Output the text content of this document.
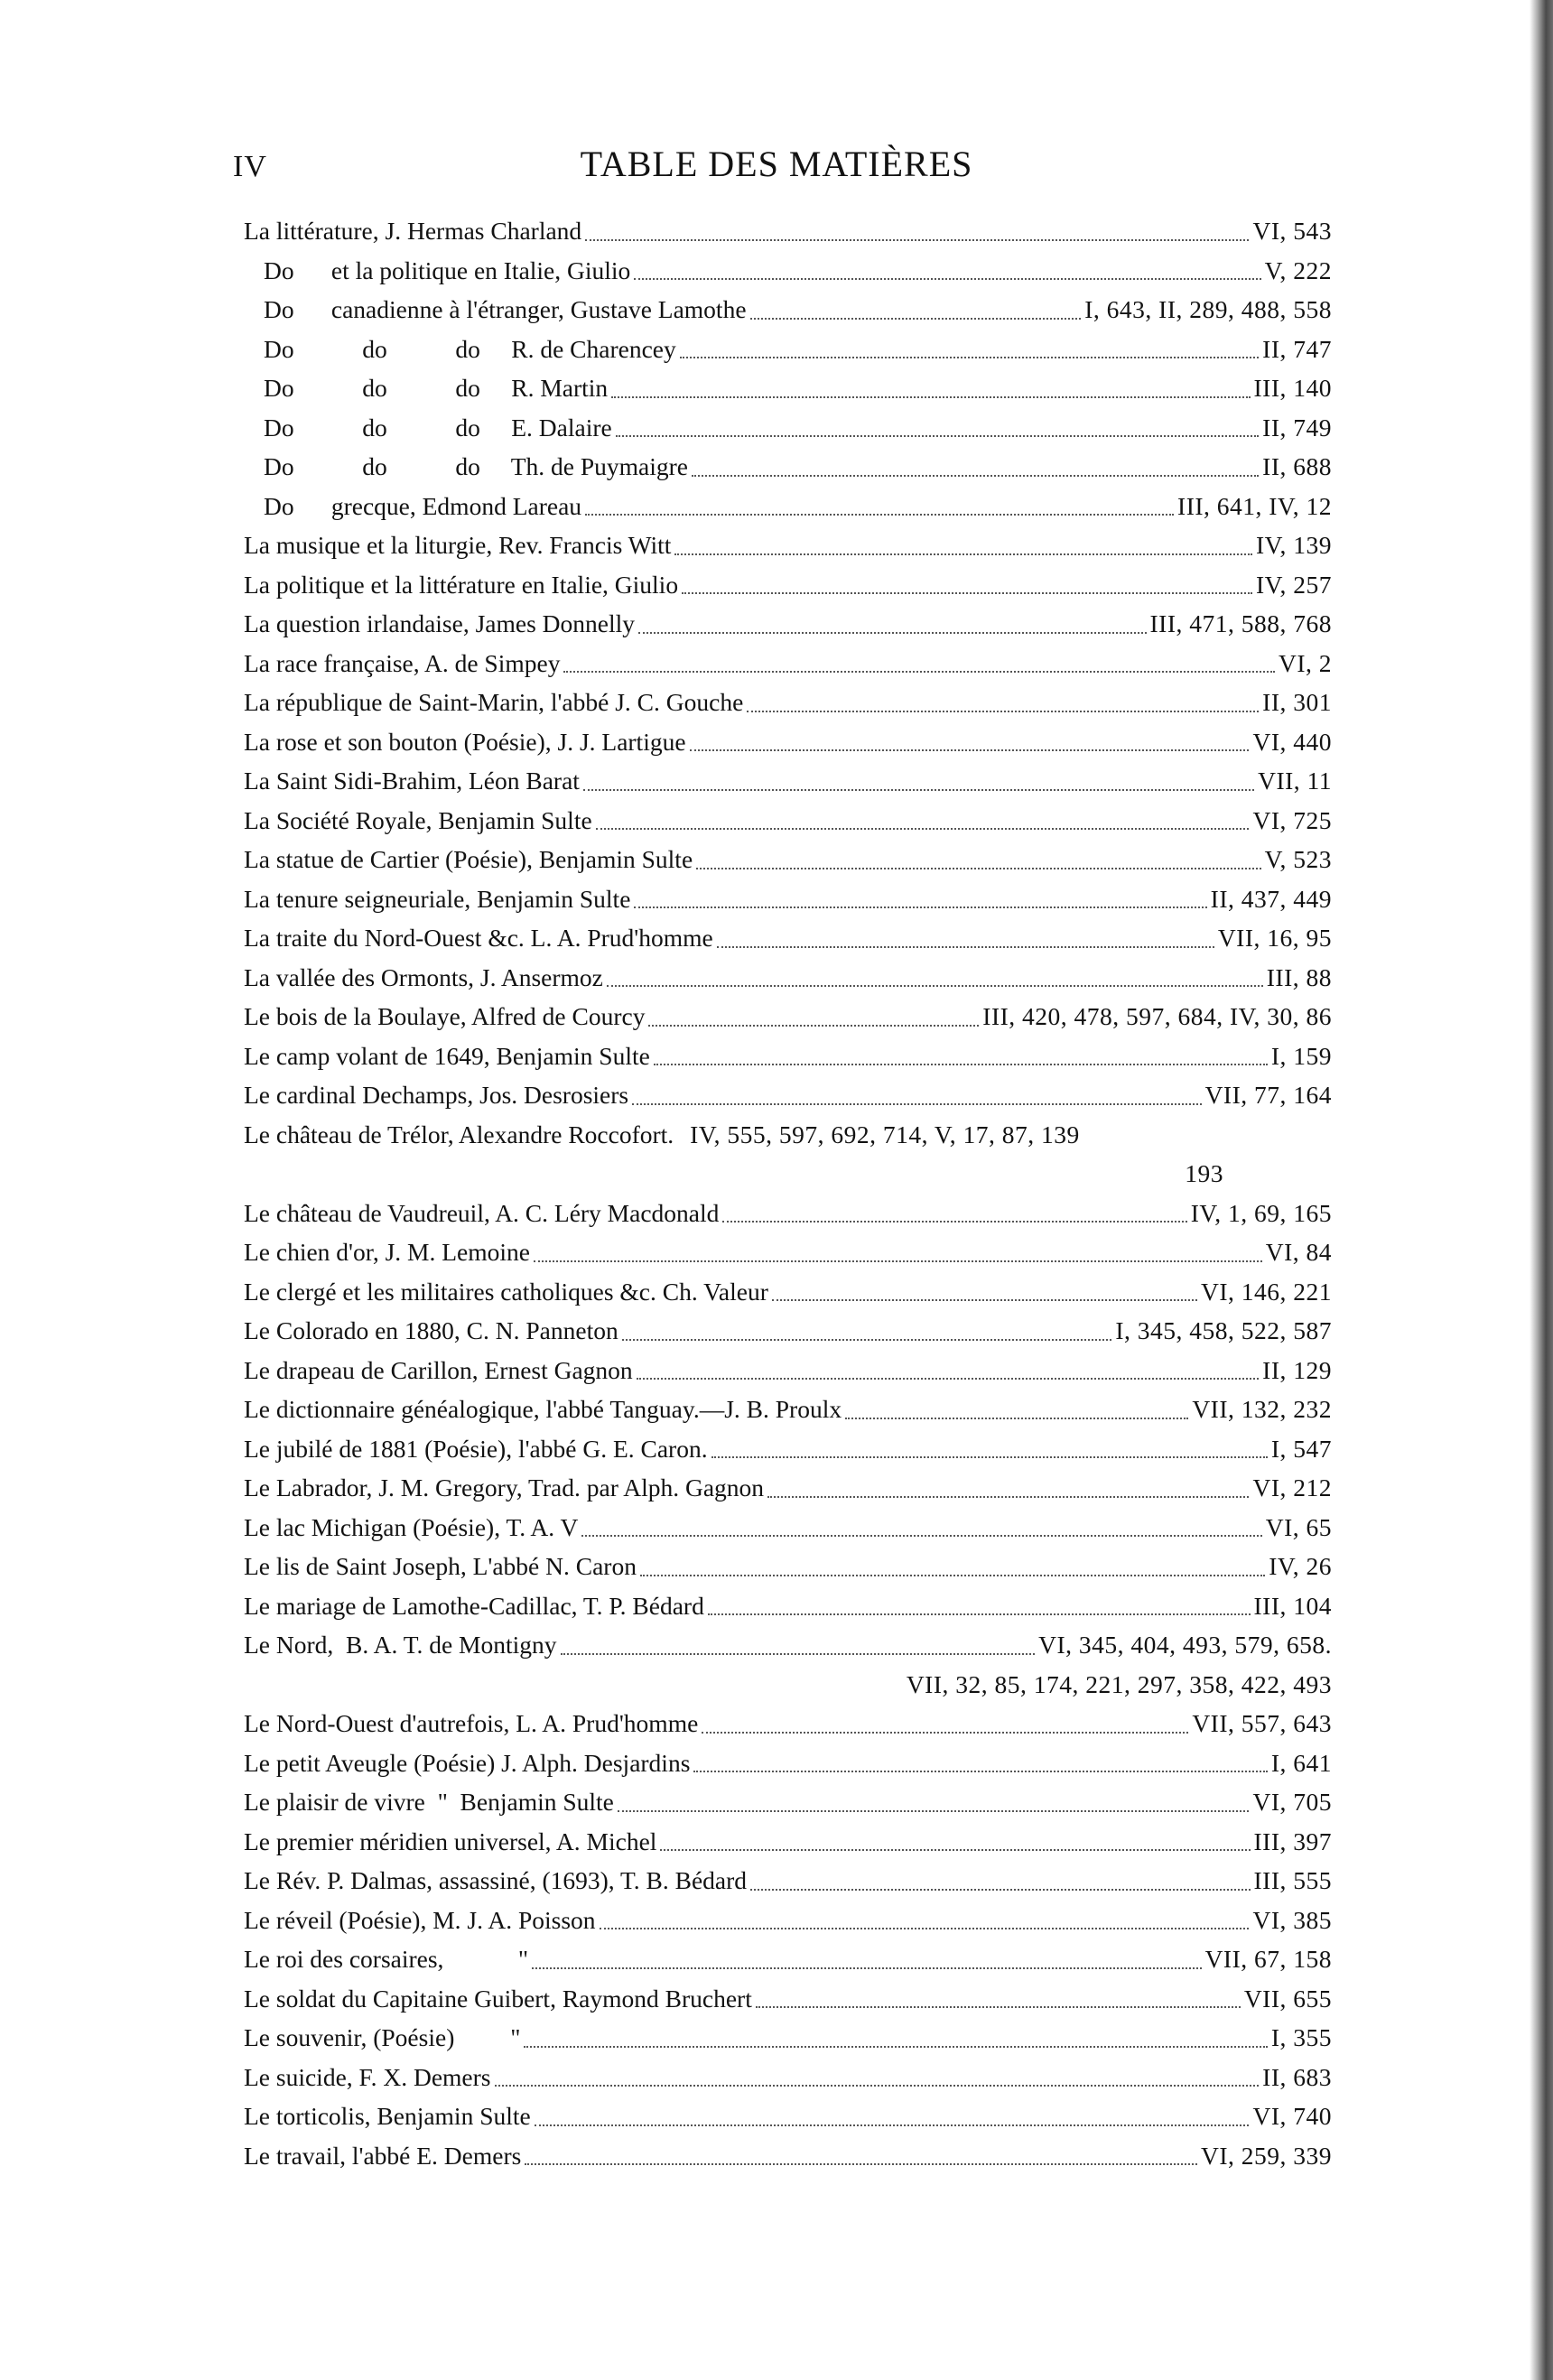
IV	TABLE DES MATIÈRES
La littérature, J. Hermas Charland	VI, 543
Do      et la politique en Italie, Giulio	V, 222
Do      canadienne à l'étranger, Gustave Lamothe	I, 643, II, 289, 488, 558
Do           do           do     R. de Charencey	II, 747
Do           do           do     R. Martin	III, 140
Do           do           do     E. Dalaire	II, 749
Do           do           do     Th. de Puymaigre	II, 688
Do      grecque, Edmond Lareau	III, 641, IV, 12
La musique et la liturgie, Rev. Francis Witt	IV, 139
La politique et la littérature en Italie, Giulio	IV, 257
La question irlandaise, James Donnelly	III, 471, 588, 768
La race française, A. de Simpey	VI, 2
La république de Saint-Marin, l'abbé J. C. Gouche	II, 301
La rose et son bouton (Poésie), J. J. Lartigue	VI, 440
La Saint Sidi-Brahim, Léon Barat	VII, 11
La Société Royale, Benjamin Sulte	VI, 725
La statue de Cartier (Poésie), Benjamin Sulte	V, 523
La tenure seigneuriale, Benjamin Sulte	II, 437, 449
La traite du Nord-Ouest &c. L. A. Prud'homme	VII, 16, 95
La vallée des Ormonts, J. Ansermoz	III, 88
Le bois de la Boulaye, Alfred de Courcy	III, 420, 478, 597, 684, IV, 30, 86
Le camp volant de 1649, Benjamin Sulte	I, 159
Le cardinal Dechamps, Jos. Desrosiers	VII, 77, 164
Le château de Trélor, Alexandre Roccofort. IV, 555, 597, 692, 714, V, 17, 87, 139
193
Le château de Vaudreuil, A. C. Léry Macdonald	IV, 1, 69, 165
Le chien d'or, J. M. Lemoine	VI, 84
Le clergé et les militaires catholiques &c. Ch. Valeur	VI, 146, 221
Le Colorado en 1880, C. N. Panneton	I, 345, 458, 522, 587
Le drapeau de Carillon, Ernest Gagnon	II, 129
Le dictionnaire généalogique, l'abbé Tanguay.—J. B. Proulx	VII, 132, 232
Le jubilé de 1881 (Poésie), l'abbé G. E. Caron.	I, 547
Le Labrador, J. M. Gregory, Trad. par Alph. Gagnon	VI, 212
Le lac Michigan (Poésie), T. A. V	VI, 65
Le lis de Saint Joseph, L'abbé N. Caron	IV, 26
Le mariage de Lamothe-Cadillac, T. P. Bédard	III, 104
Le Nord,  B. A. T. de Montigny	VI, 345, 404, 493, 579, 658.
VII, 32, 85, 174, 221, 297, 358, 422, 493
Le Nord-Ouest d'autrefois, L. A. Prud'homme	VII, 557, 643
Le petit Aveugle (Poésie) J. Alph. Desjardins	I, 641
Le plaisir de vivre  "  Benjamin Sulte	VI, 705
Le premier méridien universel, A. Michel	III, 397
Le Rév. P. Dalmas, assassiné, (1693), T. B. Bédard	III, 555
Le réveil (Poésie), M. J. A. Poisson	VI, 385
Le roi des corsaires,            "	VII, 67, 158
Le soldat du Capitaine Guibert, Raymond Bruchert	VII, 655
Le souvenir, (Poésie)         "	I, 355
Le suicide, F. X. Demers	II, 683
Le torticolis, Benjamin Sulte	VI, 740
Le travail, l'abbé E. Demers	VI, 259, 339
